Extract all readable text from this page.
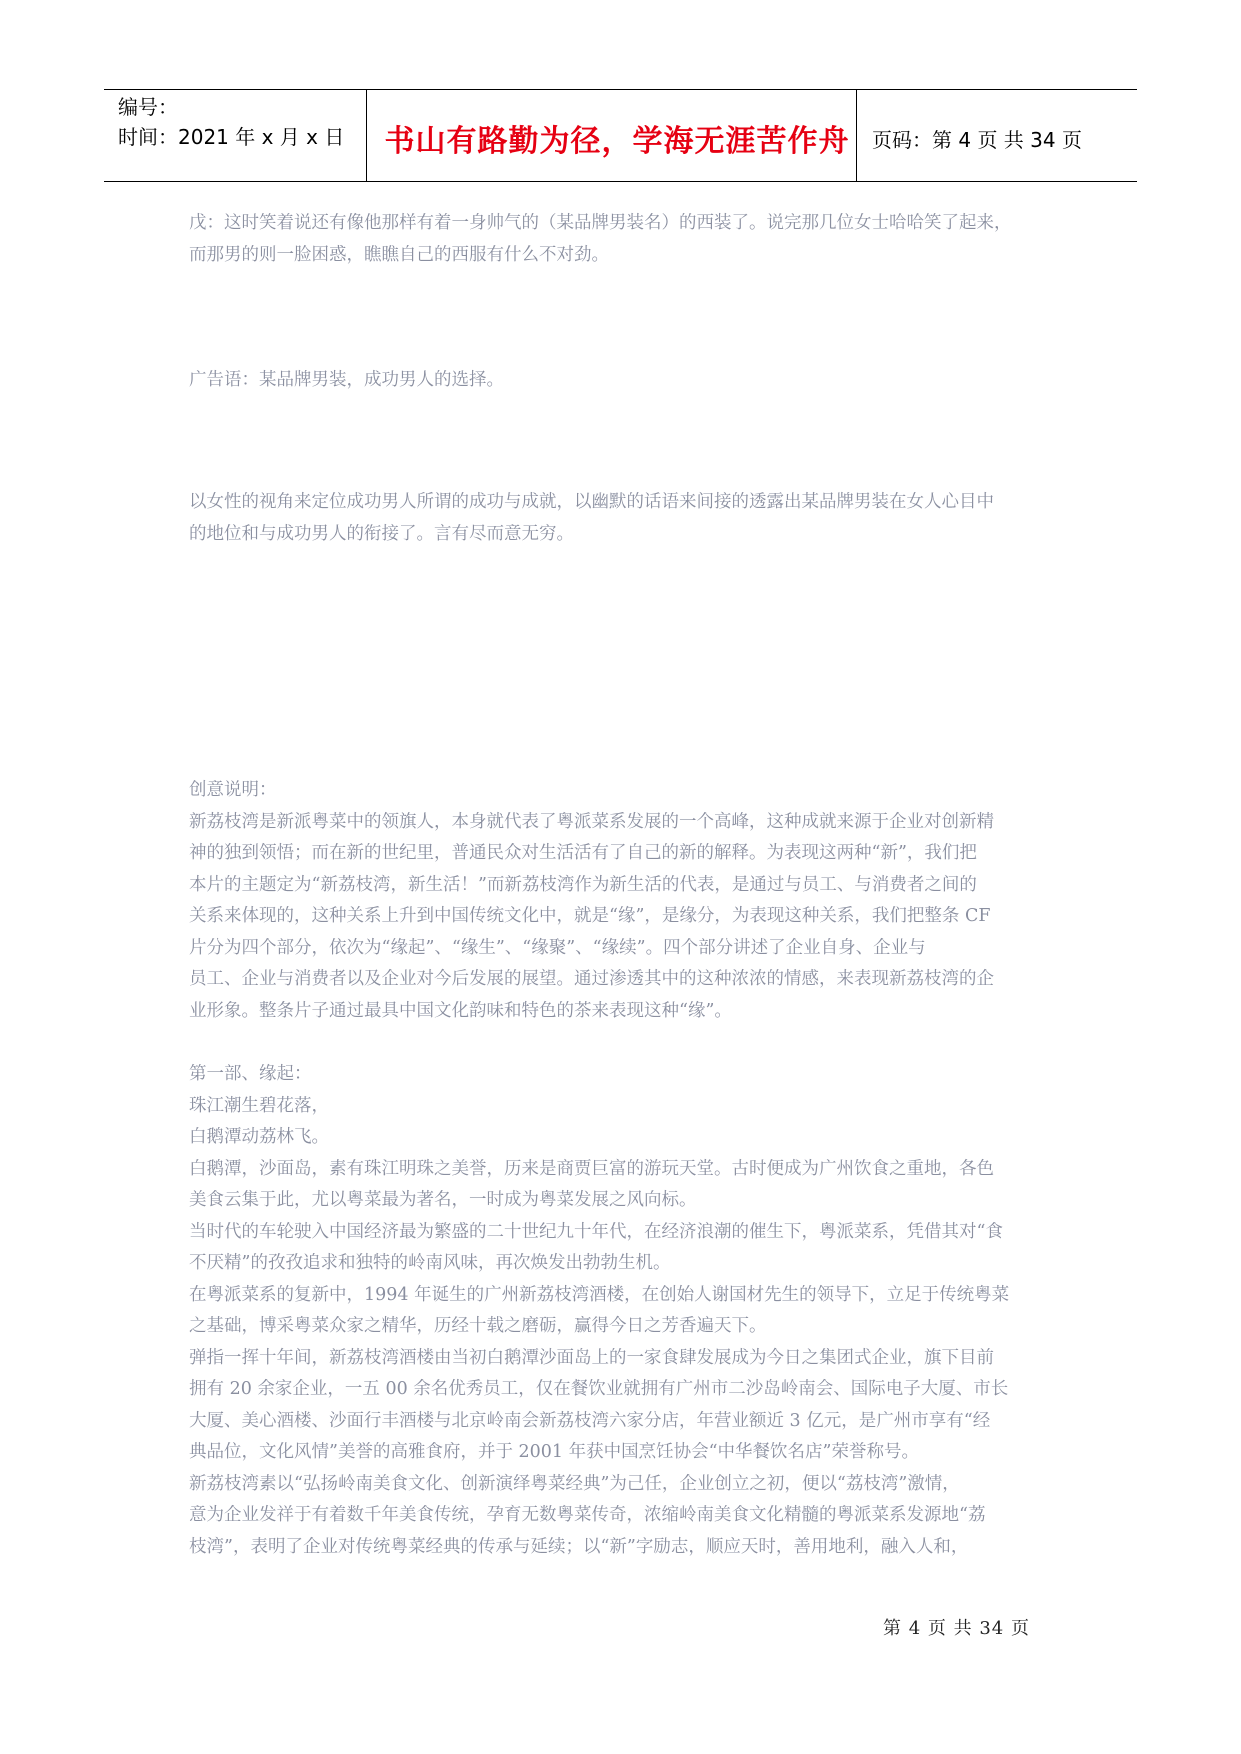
编号：
时间：2021 年 x 月 x 日	书山有路勤为径，学海无涯苦作舟	页码：第 4 页 共 34 页

戊：这时笑着说还有像他那样有着一身帅气的（某品牌男装名）的西装了。说完那几位女士哈哈笑了起来，

而那男的则一脸困惑，瞧瞧自己的西服有什么不对劲。

广告语：某品牌男装，成功男人的选择。

以女性的视角来定位成功男人所谓的成功与成就，以幽默的话语来间接的透露出某品牌男装在女人心目中

的地位和与成功男人的衔接了。言有尽而意无穷。

创意说明：

新荔枝湾是新派粤菜中的领旗人，本身就代表了粤派菜系发展的一个高峰，这种成就来源于企业对创新精

神的独到领悟；而在新的世纪里，普通民众对生活活有了自己的新的解释。为表现这两种“新”，我们把

本片的主题定为“新荔枝湾，新生活！”而新荔枝湾作为新生活的代表，是通过与员工、与消费者之间的

关系来体现的，这种关系上升到中国传统文化中，就是“缘”，是缘分，为表现这种关系，我们把整条 CF

片分为四个部分，依次为“缘起”、“缘生”、“缘聚”、“缘续”。四个部分讲述了企业自身、企业与

员工、企业与消费者以及企业对今后发展的展望。通过渗透其中的这种浓浓的情感，来表现新荔枝湾的企

业形象。整条片子通过最具中国文化韵味和特色的茶来表现这种“缘”。

第一部、缘起：

珠江潮生碧花落，

白鹅潭动荔林飞。

白鹅潭，沙面岛，素有珠江明珠之美誉，历来是商贾巨富的游玩天堂。古时便成为广州饮食之重地，各色

美食云集于此，尤以粤菜最为著名，一时成为粤菜发展之风向标。

当时代的车轮驶入中国经济最为繁盛的二十世纪九十年代，在经济浪潮的催生下，粤派菜系，凭借其对“食

不厌精”的孜孜追求和独特的岭南风味，再次焕发出勃勃生机。

在粤派菜系的复新中，1994 年诞生的广州新荔枝湾酒楼，在创始人谢国材先生的领导下，立足于传统粤菜

之基础，博采粤菜众家之精华，历经十载之磨砺，赢得今日之芳香遍天下。

弹指一挥十年间，新荔枝湾酒楼由当初白鹅潭沙面岛上的一家食肆发展成为今日之集团式企业，旗下目前

拥有 20 余家企业，一五 00 余名优秀员工，仅在餐饮业就拥有广州市二沙岛岭南会、国际电子大厦、市长

大厦、美心酒楼、沙面行丰酒楼与北京岭南会新荔枝湾六家分店，年营业额近 3 亿元，是广州市享有“经

典品位，文化风情”美誉的高雅食府，并于 2001 年获中国烹饪协会“中华餐饮名店”荣誉称号。

新荔枝湾素以“弘扬岭南美食文化、创新演绎粤菜经典”为己任，企业创立之初，便以“荔枝湾”激情，

意为企业发祥于有着数千年美食传统，孕育无数粤菜传奇，浓缩岭南美食文化精髓的粤派菜系发源地“荔

枝湾”，表明了企业对传统粤菜经典的传承与延续；以“新”字励志，顺应天时，善用地利，融入人和，

第 4 页 共 34 页
